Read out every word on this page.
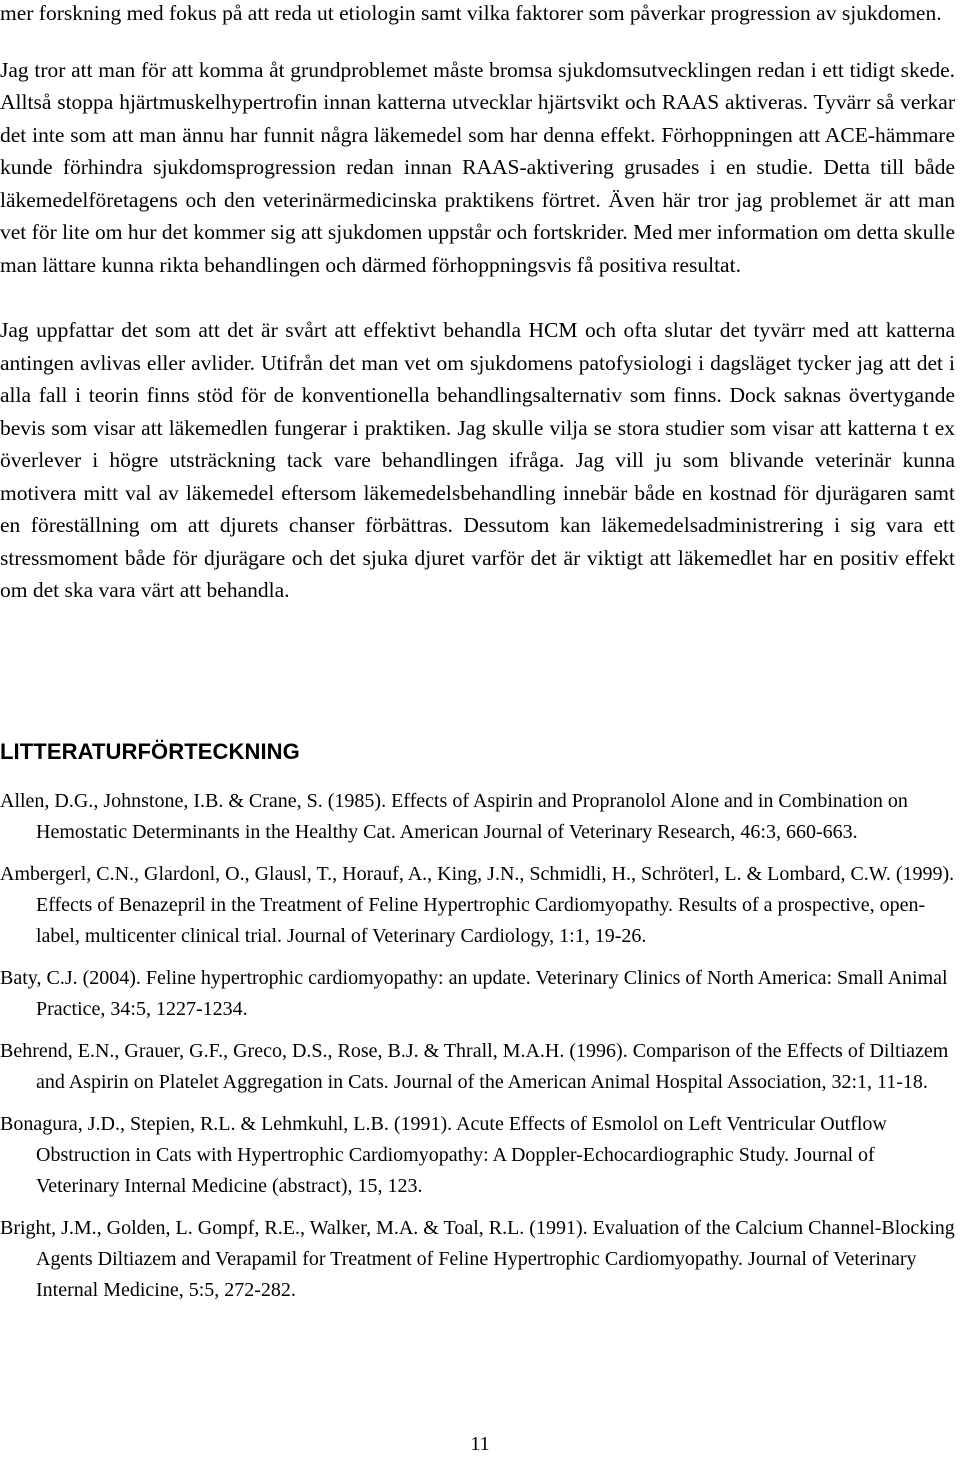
mer forskning med fokus på att reda ut etiologin samt vilka faktorer som påverkar progression av sjukdomen.

Jag tror att man för att komma åt grundproblemet måste bromsa sjukdomsutvecklingen redan i ett tidigt skede. Alltså stoppa hjärtmuskelhypertrofin innan katterna utvecklar hjärtsvikt och RAAS aktiveras. Tyvärr så verkar det inte som att man ännu har funnit några läkemedel som har denna effekt. Förhoppningen att ACE-hämmare kunde förhindra sjukdomsprogression redan innan RAAS-aktivering grusades i en studie. Detta till både läkemedelföretagens och den veterinärmedicinska praktikens förtret. Även här tror jag problemet är att man vet för lite om hur det kommer sig att sjukdomen uppstår och fortskrider. Med mer information om detta skulle man lättare kunna rikta behandlingen och därmed förhoppningsvis få positiva resultat.

Jag uppfattar det som att det är svårt att effektivt behandla HCM och ofta slutar det tyvärr med att katterna antingen avlivas eller avlider. Utifrån det man vet om sjukdomens patofysiologi i dagsläget tycker jag att det i alla fall i teorin finns stöd för de konventionella behandlingsalternativ som finns. Dock saknas övertygande bevis som visar att läkemedlen fungerar i praktiken. Jag skulle vilja se stora studier som visar att katterna t ex överlever i högre utsträckning tack vare behandlingen ifråga. Jag vill ju som blivande veterinär kunna motivera mitt val av läkemedel eftersom läkemedelsbehandling innebär både en kostnad för djurägaren samt en föreställning om att djurets chanser förbättras. Dessutom kan läkemedelsadministrering i sig vara ett stressmoment både för djurägare och det sjuka djuret varför det är viktigt att läkemedlet har en positiv effekt om det ska vara värt att behandla.

LITTERATURFÖRTECKNING

Allen, D.G., Johnstone, I.B. & Crane, S. (1985). Effects of Aspirin and Propranolol Alone and in Combination on Hemostatic Determinants in the Healthy Cat. American Journal of Veterinary Research, 46:3, 660-663.

Ambergerl, C.N., Glardonl, O., Glausl, T., Horauf, A., King, J.N., Schmidli, H., Schröterl, L. & Lombard, C.W. (1999). Effects of Benazepril in the Treatment of Feline Hypertrophic Cardiomyopathy. Results of a prospective, open-label, multicenter clinical trial. Journal of Veterinary Cardiology, 1:1, 19-26.

Baty, C.J. (2004). Feline hypertrophic cardiomyopathy: an update. Veterinary Clinics of North America: Small Animal Practice, 34:5, 1227-1234.

Behrend, E.N., Grauer, G.F., Greco, D.S., Rose, B.J. & Thrall, M.A.H. (1996). Comparison of the Effects of Diltiazem and Aspirin on Platelet Aggregation in Cats. Journal of the American Animal Hospital Association, 32:1, 11-18.

Bonagura, J.D., Stepien, R.L. & Lehmkuhl, L.B. (1991). Acute Effects of Esmolol on Left Ventricular Outflow Obstruction in Cats with Hypertrophic Cardiomyopathy: A Doppler-Echocardiographic Study. Journal of Veterinary Internal Medicine (abstract), 15, 123.

Bright, J.M., Golden, L. Gompf, R.E., Walker, M.A. & Toal, R.L. (1991). Evaluation of the Calcium Channel-Blocking Agents Diltiazem and Verapamil for Treatment of Feline Hypertrophic Cardiomyopathy. Journal of Veterinary Internal Medicine, 5:5, 272-282.

11
